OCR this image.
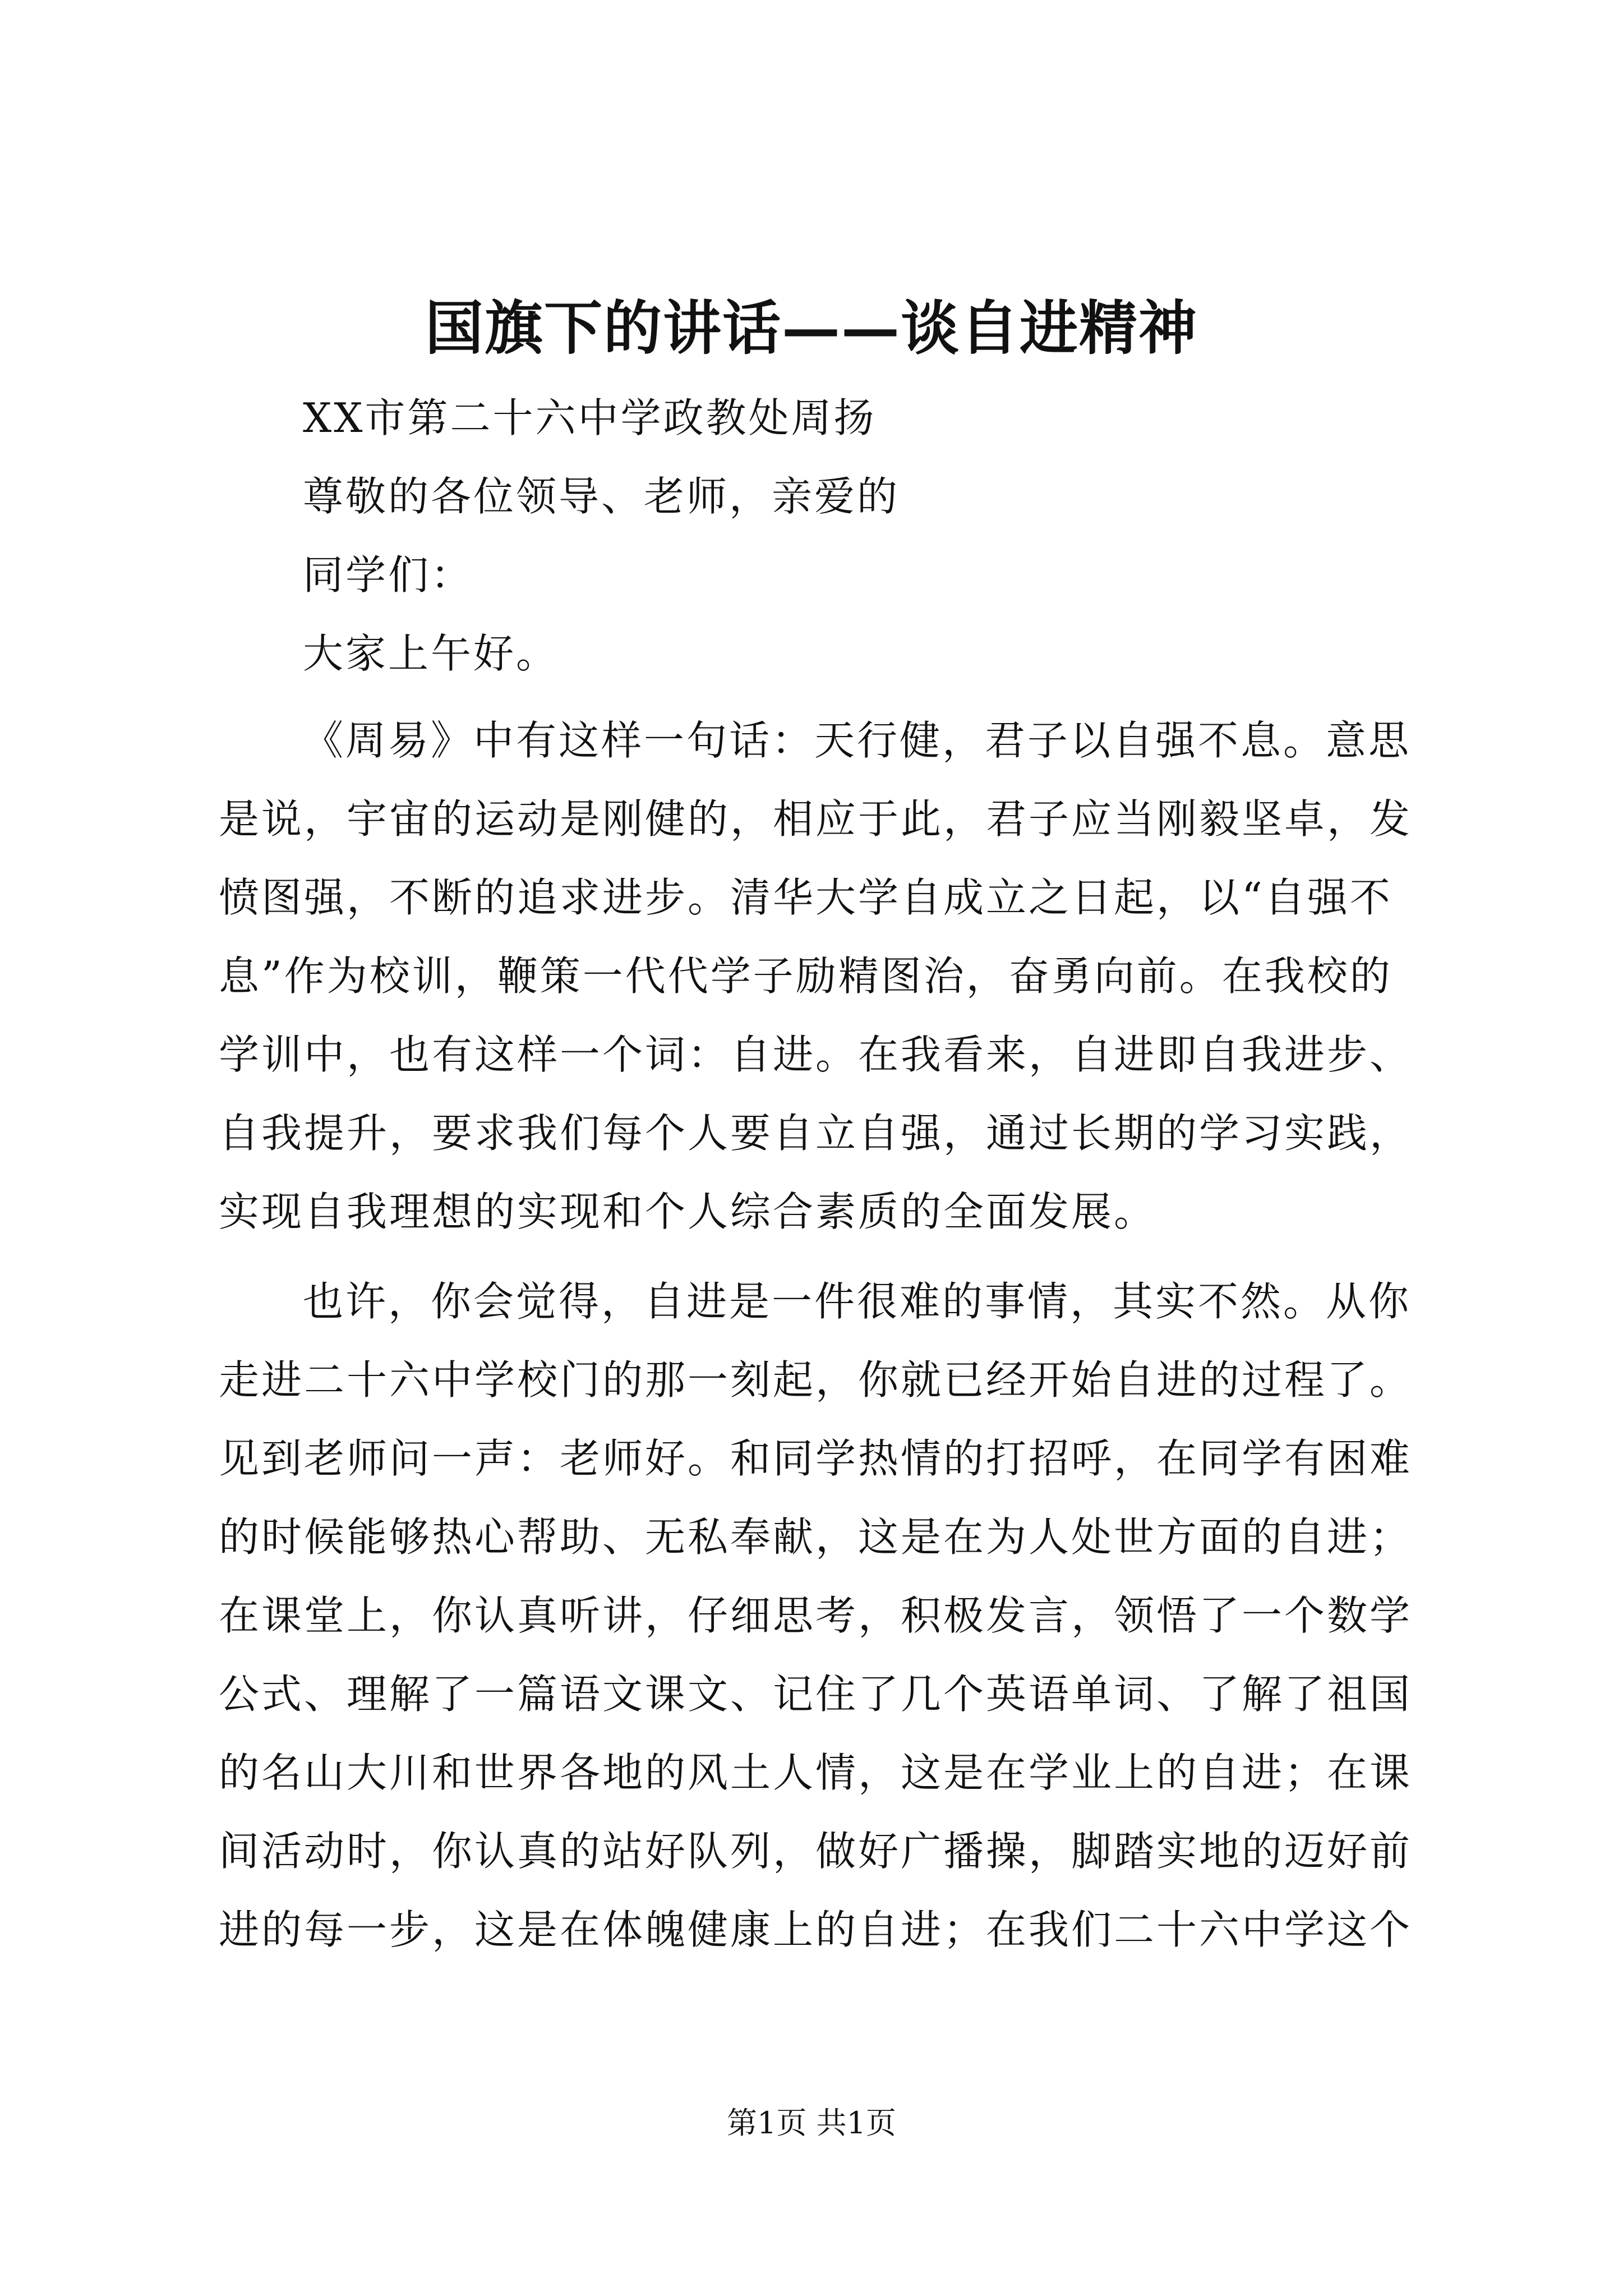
国旗下的讲话——谈自进精神

XX市第二十六中学政教处周扬

尊敬的各位领导、老师，亲爱的

同学们：

大家上午好。

《周易》中有这样一句话：天行健，君子以自强不息。意思

是说，宇宙的运动是刚健的，相应于此，君子应当刚毅坚卓，发

愤图强，不断的追求进步。清华大学自成立之日起，以“自强不

息”作为校训，鞭策一代代学子励精图治，奋勇向前。在我校的

学训中，也有这样一个词：自进。在我看来，自进即自我进步、

自我提升，要求我们每个人要自立自强，通过长期的学习实践，

实现自我理想的实现和个人综合素质的全面发展。

也许，你会觉得，自进是一件很难的事情，其实不然。从你

走进二十六中学校门的那一刻起，你就已经开始自进的过程了。

见到老师问一声：老师好。和同学热情的打招呼，在同学有困难

的时候能够热心帮助、无私奉献，这是在为人处世方面的自进；

在课堂上，你认真听讲，仔细思考，积极发言，领悟了一个数学

公式、理解了一篇语文课文、记住了几个英语单词、了解了祖国

的名山大川和世界各地的风土人情，这是在学业上的自进；在课

间活动时，你认真的站好队列，做好广播操，脚踏实地的迈好前

进的每一步，这是在体魄健康上的自进；在我们二十六中学这个

第1页 共1页
